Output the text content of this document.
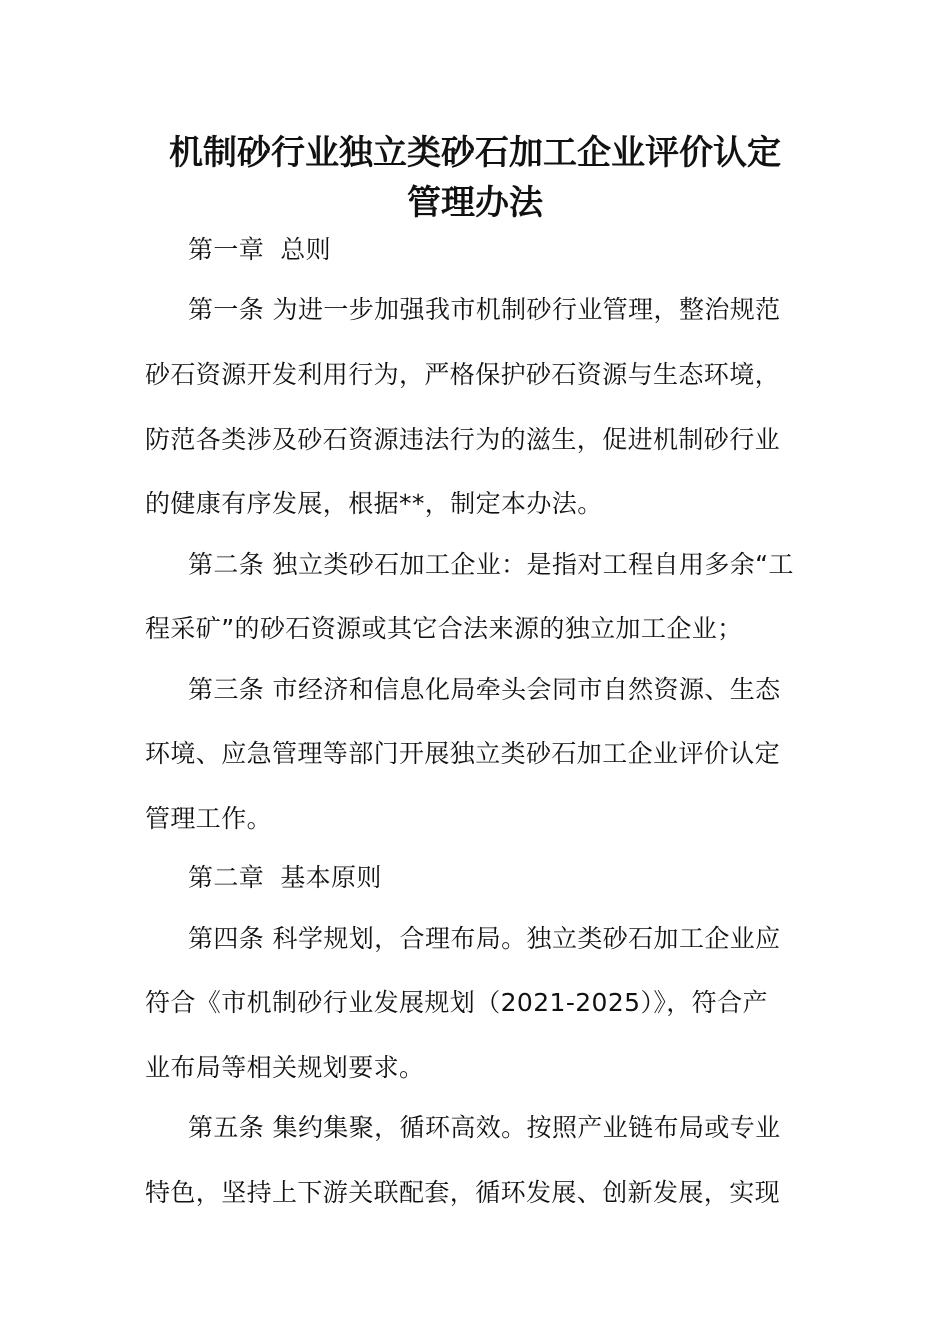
机制砂行业独立类砂石加工企业评价认定
管理办法
第一章 总则
第一条 为进一步加强我市机制砂行业管理，整治规范
砂石资源开发利用行为，严格保护砂石资源与生态环境，
防范各类涉及砂石资源违法行为的滋生，促进机制砂行业
的健康有序发展，根据**，制定本办法。
第二条 独立类砂石加工企业：是指对工程自用多余“工
程采矿”的砂石资源或其它合法来源的独立加工企业；
第三条 市经济和信息化局牵头会同市自然资源、生态
环境、应急管理等部门开展独立类砂石加工企业评价认定
管理工作。
第二章 基本原则
第四条 科学规划，合理布局。独立类砂石加工企业应
符合《市机制砂行业发展规划（2021-2025）》，符合产
业布局等相关规划要求。
第五条 集约集聚，循环高效。按照产业链布局或专业
特色，坚持上下游关联配套，循环发展、创新发展，实现
